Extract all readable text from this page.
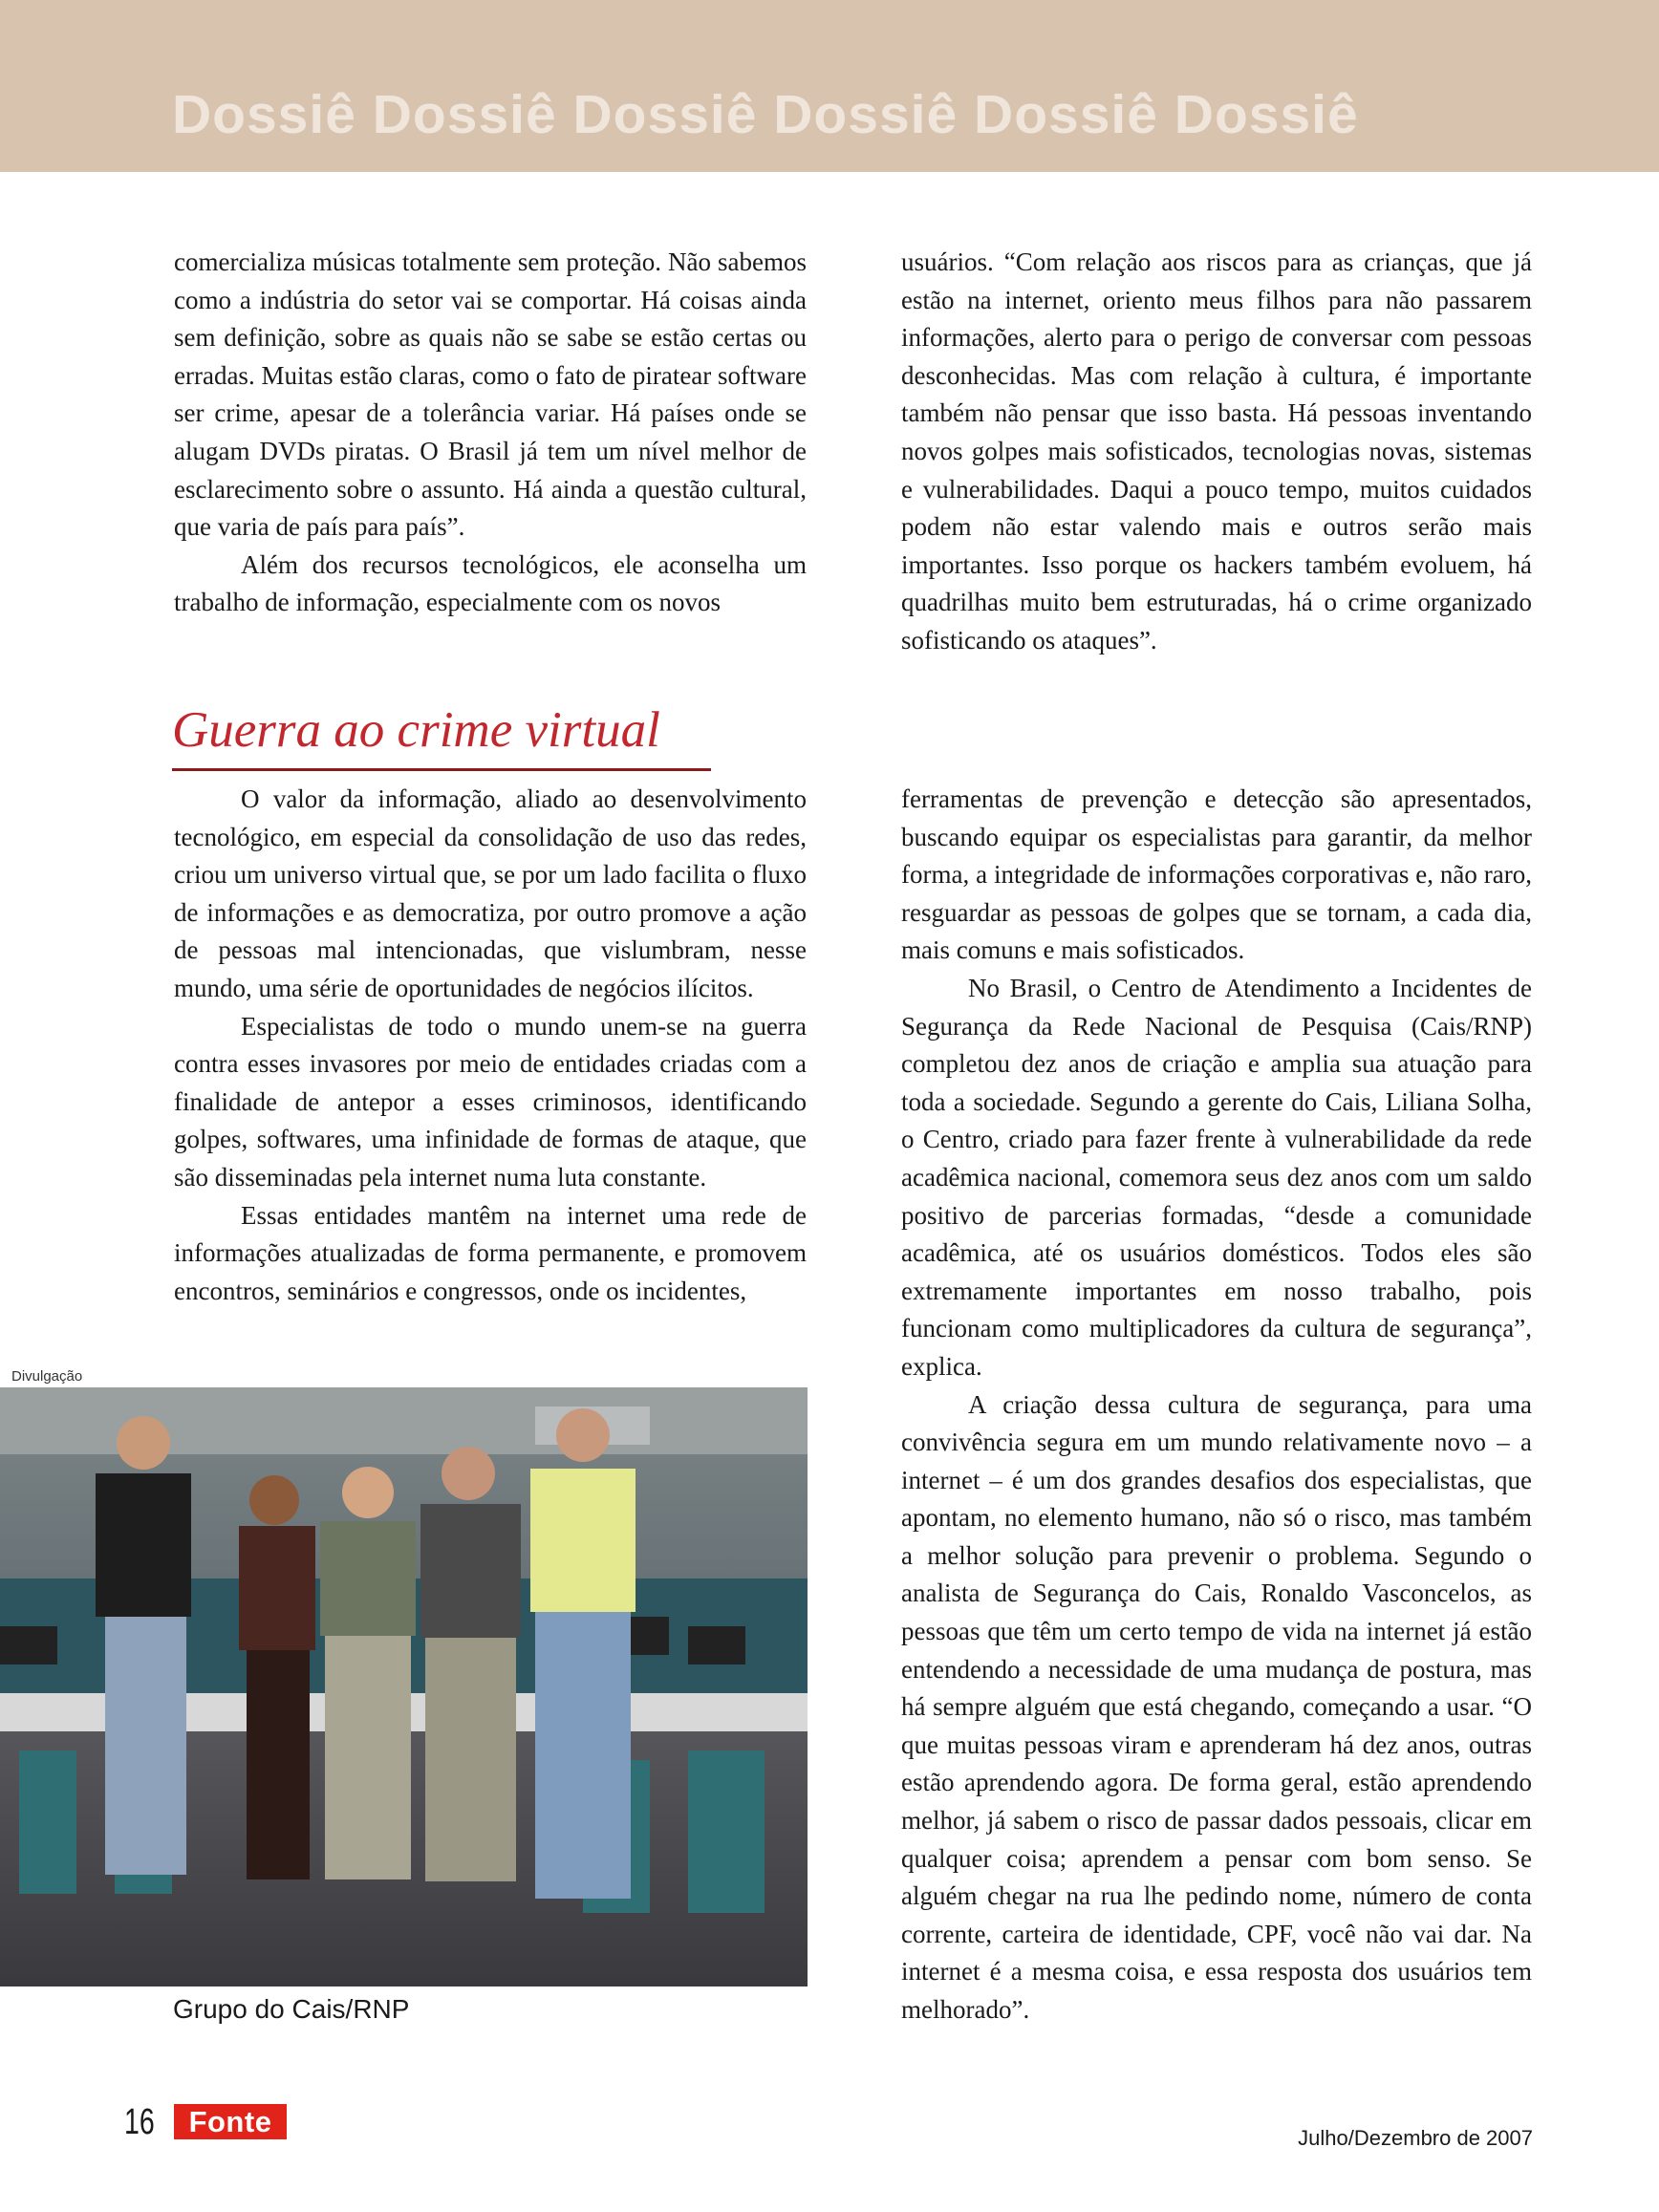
Dossiê Dossiê Dossiê Dossiê Dossiê Dossiê

comercializa músicas totalmente sem proteção. Não sabemos como a indústria do setor vai se comportar. Há coisas ainda sem definição, sobre as quais não se sabe se estão certas ou erradas. Muitas estão claras, como o fato de piratear software ser crime, apesar de a tolerância variar. Há países onde se alugam DVDs piratas. O Brasil já tem um nível melhor de esclarecimento sobre o assunto. Há ainda a questão cultural, que varia de país para país”.

Além dos recursos tecnológicos, ele aconselha um trabalho de informação, especialmente com os novos

usuários. “Com relação aos riscos para as crianças, que já estão na internet, oriento meus filhos para não passarem informações, alerto para o perigo de conversar com pessoas desconhecidas. Mas com relação à cultura, é importante também não pensar que isso basta. Há pessoas inventando novos golpes mais sofisticados, tecnologias novas, sistemas e vulnerabilidades. Daqui a pouco tempo, muitos cuidados podem não estar valendo mais e outros serão mais importantes. Isso porque os hackers também evoluem, há quadrilhas muito bem estruturadas, há o crime organizado sofisticando os ataques”.

Guerra ao crime virtual

O valor da informação, aliado ao desenvolvimento tecnológico, em especial da consolidação de uso das redes, criou um universo virtual que, se por um lado facilita o fluxo de informações e as democratiza, por outro promove a ação de pessoas mal intencionadas, que vislumbram, nesse mundo, uma série de oportunidades de negócios ilícitos.

Especialistas de todo o mundo unem-se na guerra contra esses invasores por meio de entidades criadas com a finalidade de antepor a esses criminosos, identificando golpes, softwares, uma infinidade de formas de ataque, que são disseminadas pela internet numa luta constante.

Essas entidades mantêm na internet uma rede de informações atualizadas de forma permanente, e promovem encontros, seminários e congressos, onde os incidentes,

ferramentas de prevenção e detecção são apresentados, buscando equipar os especialistas para garantir, da melhor forma, a integridade de informações corporativas e, não raro, resguardar as pessoas de golpes que se tornam, a cada dia, mais comuns e mais sofisticados.

No Brasil, o Centro de Atendimento a Incidentes de Segurança da Rede Nacional de Pesquisa (Cais/RNP) completou dez anos de criação e amplia sua atuação para toda a sociedade. Segundo a gerente do Cais, Liliana Solha, o Centro, criado para fazer frente à vulnerabilidade da rede acadêmica nacional, comemora seus dez anos com um saldo positivo de parcerias formadas, “desde a comunidade acadêmica, até os usuários domésticos. Todos eles são extremamente importantes em nosso trabalho, pois funcionam como multiplicadores da cultura de segurança”, explica.

A criação dessa cultura de segurança, para uma convivência segura em um mundo relativamente novo – a internet – é um dos grandes desafios dos especialistas, que apontam, no elemento humano, não só o risco, mas também a melhor solução para prevenir o problema. Segundo o analista de Segurança do Cais, Ronaldo Vasconcelos, as pessoas que têm um certo tempo de vida na internet já estão entendendo a necessidade de uma mudança de postura, mas há sempre alguém que está chegando, começando a usar. “O que muitas pessoas viram e aprenderam há dez anos, outras estão aprendendo agora. De forma geral, estão aprendendo melhor, já sabem o risco de passar dados pessoais, clicar em qualquer coisa; aprendem a pensar com bom senso. Se alguém chegar na rua lhe pedindo nome, número de conta corrente, carteira de identidade, CPF, você não vai dar. Na internet é a mesma coisa, e essa resposta dos usuários tem melhorado”.

Divulgação
Grupo do Cais/RNP
16	Fonte	Julho/Dezembro de 2007
